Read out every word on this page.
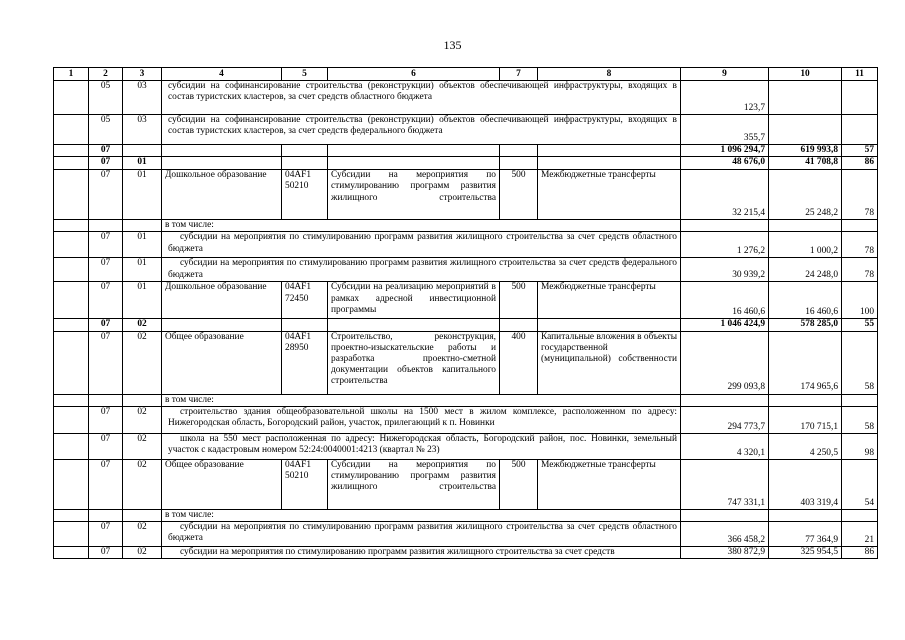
135
1	2	3	4	5	6	7	8	9	10	11
	05	03	субсидии на софинансирование строительства (реконструкции) объектов обеспечивающей инфраструктуры, входящих в состав туристских кластеров, за счет средств областного бюджета					123,7		
	05	03	субсидии на софинансирование строительства (реконструкции) объектов обеспечивающей инфраструктуры, входящих в состав туристских кластеров, за счет средств федерального бюджета					355,7		
	07							1 096 294,7	619 993,8	57
	07	01						48 676,0	41 708,8	86
	07	01	Дошкольное образование	04AF1 50210	Субсидии на мероприятия по стимулированию программ развития жилищного строительства	500	Межбюджетные трансферты	32 215,4	25 248,2	78
			в том числе:							
	07	01	субсидии на мероприятия по стимулированию программ развития жилищного строительства за счет средств областного бюджета					1 276,2	1 000,2	78
	07	01	субсидии на мероприятия по стимулированию программ развития жилищного строительства за счет средств федерального бюджета					30 939,2	24 248,0	78
	07	01	Дошкольное образование	04AF1 72450	Субсидии на реализацию мероприятий в рамках адресной инвестиционной программы	500	Межбюджетные трансферты	16 460,6	16 460,6	100
	07	02						1 046 424,9	578 285,0	55
	07	02	Общее образование	04AF1 28950	Строительство, реконструкция, проектно-изыскательские работы и разработка проектно-сметной документации объектов капитального строительства	400	Капитальные вложения в объекты государственной (муниципальной) собственности	299 093,8	174 965,6	58
			в том числе:							
	07	02	строительство здания общеобразовательной школы на 1500 мест в жилом комплексе, расположенном по адресу: Нижегородская область, Богородский район, участок, прилегающий к п. Новинки					294 773,7	170 715,1	58
	07	02	школа на 550 мест расположенная по адресу: Нижегородская область, Богородский район, пос. Новинки, земельный участок с кадастровым номером 52:24:0040001:4213 (квартал № 23)					4 320,1	4 250,5	98
	07	02	Общее образование	04AF1 50210	Субсидии на мероприятия по стимулированию программ развития жилищного строительства	500	Межбюджетные трансферты	747 331,1	403 319,4	54
			в том числе:							
	07	02	субсидии на мероприятия по стимулированию программ развития жилищного строительства за счет средств областного бюджета					366 458,2	77 364,9	21
	07	02	субсидии на мероприятия по стимулированию программ развития жилищного строительства за счет средств					380 872,9	325 954,5	86
